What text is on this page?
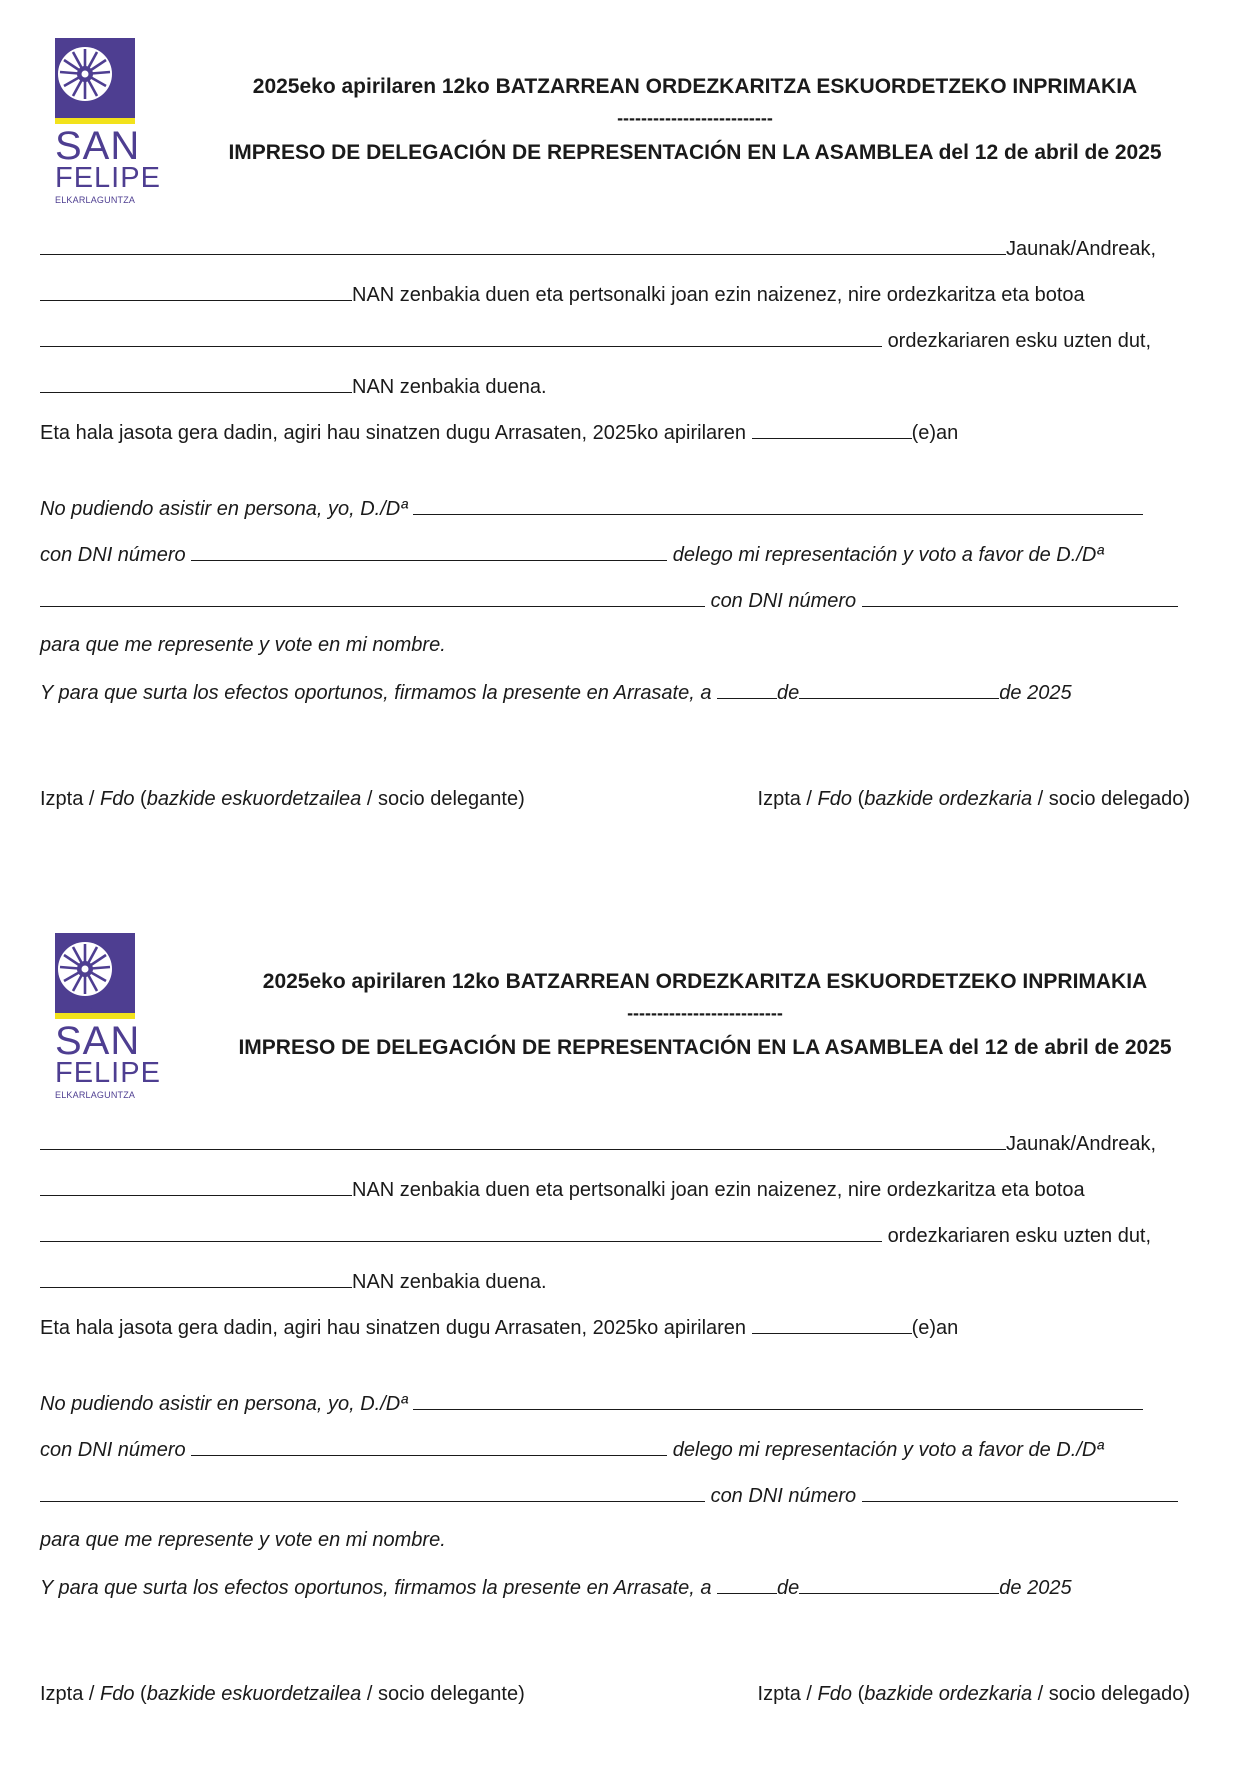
SAN
FELIPE
ELKARLAGUNTZA
2025eko apirilaren 12ko BATZARREAN ORDEZKARITZA ESKUORDETZEKO INPRIMAKIA
--------------------------
IMPRESO DE DELEGACIÓN DE REPRESENTACIÓN EN LA ASAMBLEA del 12 de abril de 2025
Jaunak/Andreak,
NAN zenbakia duen eta pertsonalki joan ezin naizenez, nire ordezkaritza eta botoa
ordezkariaren esku uzten dut,
NAN zenbakia duena.
Eta hala jasota gera dadin, agiri hau sinatzen dugu Arrasaten, 2025ko apirilaren	(e)an
No pudiendo asistir en persona, yo, D./Dª
con DNI número	delego mi representación y voto a favor de D./Dª
con DNI número
para que me represente y vote en mi nombre.
Y para que surta los efectos oportunos, firmamos la presente en Arrasate, a	de	de 2025
Izpta / Fdo (bazkide eskuordetzailea / socio delegante)	Izpta / Fdo (bazkide ordezkaria / socio delegado)
SAN
FELIPE
ELKARLAGUNTZA
2025eko apirilaren 12ko BATZARREAN ORDEZKARITZA ESKUORDETZEKO INPRIMAKIA
--------------------------
IMPRESO DE DELEGACIÓN DE REPRESENTACIÓN EN LA ASAMBLEA del 12 de abril de 2025
Jaunak/Andreak,
NAN zenbakia duen eta pertsonalki joan ezin naizenez, nire ordezkaritza eta botoa
ordezkariaren esku uzten dut,
NAN zenbakia duena.
Eta hala jasota gera dadin, agiri hau sinatzen dugu Arrasaten, 2025ko apirilaren	(e)an
No pudiendo asistir en persona, yo, D./Dª
con DNI número	delego mi representación y voto a favor de D./Dª
con DNI número
para que me represente y vote en mi nombre.
Y para que surta los efectos oportunos, firmamos la presente en Arrasate, a	de	de 2025
Izpta / Fdo (bazkide eskuordetzailea / socio delegante)	Izpta / Fdo (bazkide ordezkaria / socio delegado)
